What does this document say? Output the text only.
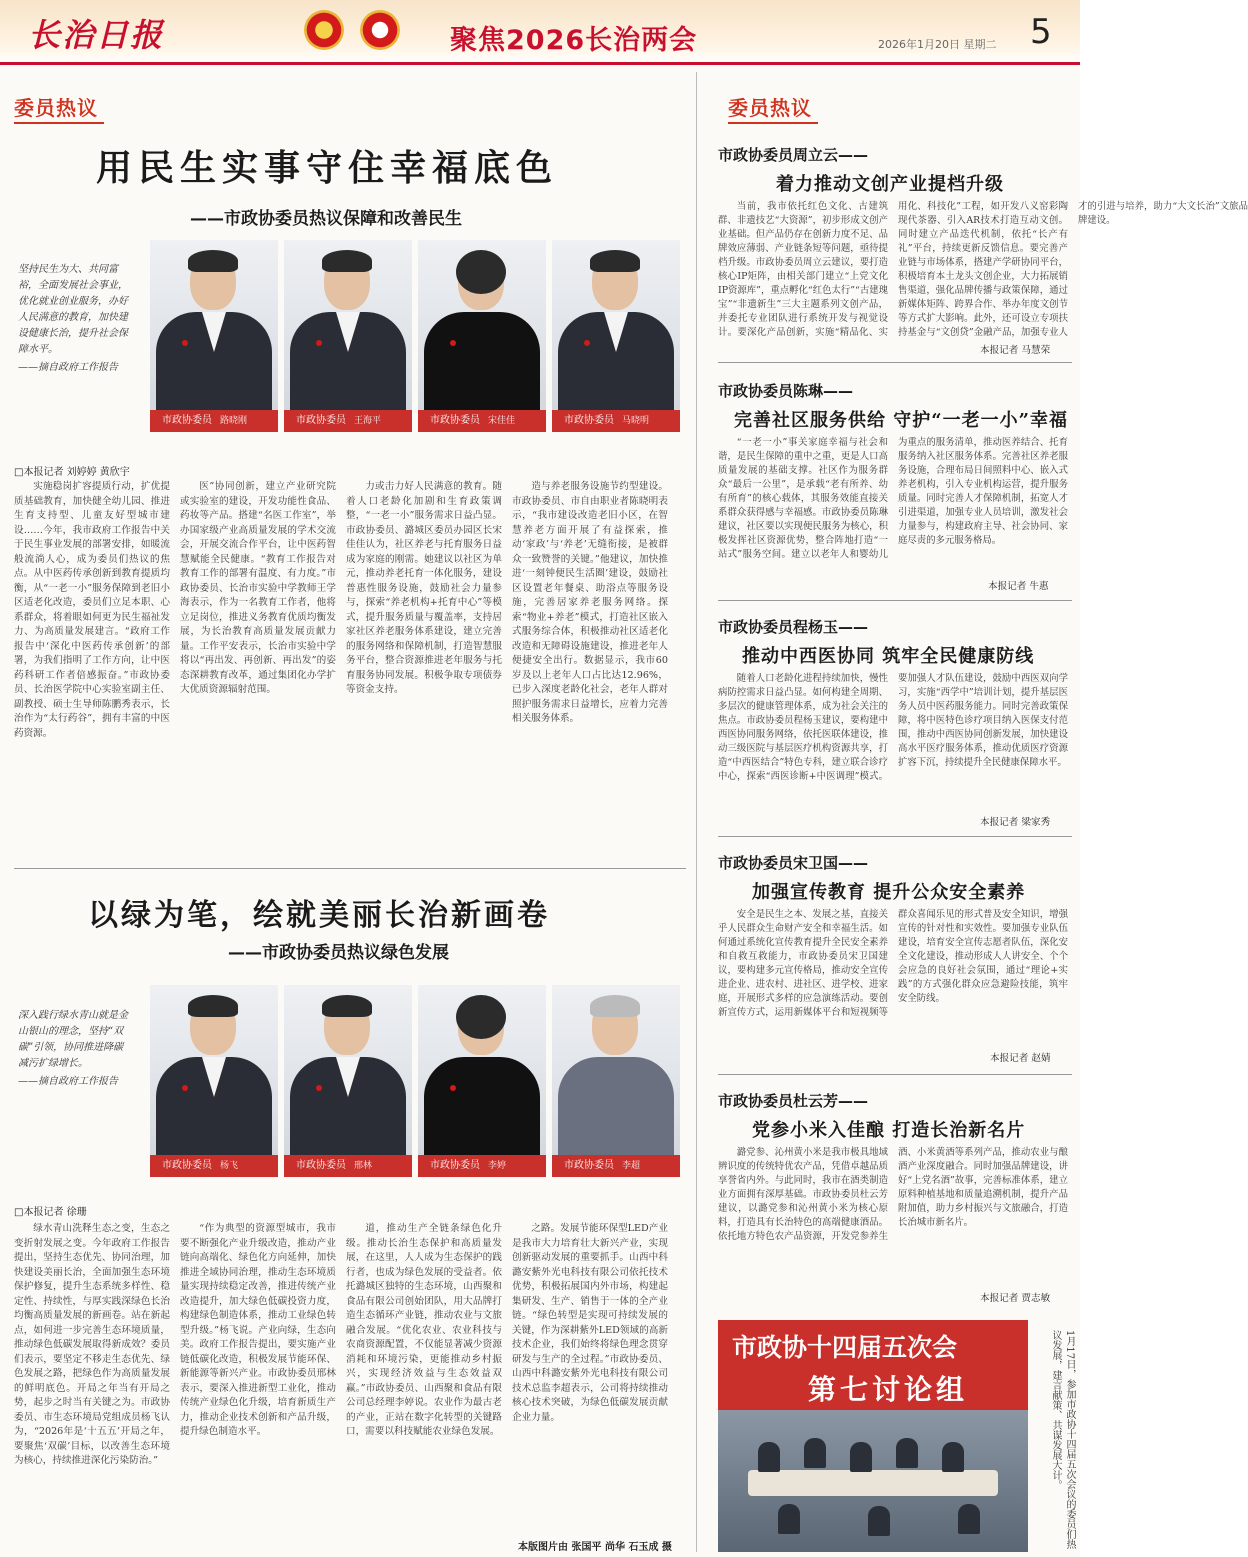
长治日报	聚焦2026长治两会	2026年1月20日 星期二 5
委员热议
用民生实事守住幸福底色
——市政协委员热议保障和改善民生
坚持民生为大、共同富裕，全面发展社会事业，优化就业创业服务，办好人民满意的教育，加快建设健康长治，提升社会保障水平。
——摘自政府工作报告
市政协委员 路晓刚	市政协委员 王海平	市政协委员 宋佳佳	市政协委员 马晓明
□本报记者 刘婷婷 黄欣宇

实施稳岗扩容提质行动，扩优提质基础教育，加快健全幼儿园、推进生育支持型、儿童友好型城市建设……今年，我市政府工作报告中关于民生事业发展的部署安排，如暖流般流淌人心，成为委员们热议的焦点。从中医药传承创新到教育提质均衡，从“一老一小”服务保障到老旧小区适老化改造，委员们立足本职、心系群众，将着眼如何更为民生福祉发力、为高质量发展建言。“政府工作报告中‘深化中医药传承创新’的部署，为我们指明了工作方向，让中医药科研工作者倍感振奋。”市政协委员、长治医学院中心实验室副主任、副教授、硕士生导师陈鹏秀表示，长治作为“太行药谷”，拥有丰富的中医药资源。

医”协同创新，建立产业研究院或实验室的建设，开发功能性食品、药妆等产品。搭建“名医工作室”，举办国家级产业高质量发展的学术交流会，开展交流合作平台，让中医药智慧赋能全民健康。“教育工作报告对教育工作的部署有温度、有力度。”市政协委员、长治市实验中学教师王学海表示，作为一名教育工作者，他将立足岗位，推进义务教育优质均衡发展，为长治教育高质量发展贡献力量。工作平安表示，长治市实验中学将以“再出发、再创新、再出发”的姿态深耕教育改革，通过集团化办学扩大优质资源辐射范围。

力或击力好人民满意的教育。随着人口老龄化加剧和生育政策调整，“一老一小”服务需求日益凸显。市政协委员、潞城区委员办园区长宋佳佳认为，社区养老与托育服务日益成为家庭的刚需。她建议以社区为单元，推动养老托育一体化服务，建设普惠性服务设施，鼓励社会力量参与，探索“养老机构+托育中心”等模式，提升服务质量与覆盖率，支持居家社区养老服务体系建设，建立完善的服务网络和保障机制，打造智慧服务平台，整合资源推进老年服务与托育服务协同发展。积极争取专项债券等资金支持。

造与养老服务设施节约型建设。市政协委员、市自由职业者陈晓明表示，“我市建设改造老旧小区，在智慧养老方面开展了有益探索，推动‘家政’与‘养老’无缝衔接，是被群众一致赞誉的关键。”他建议，加快推进‘一刻钟便民生活圈’建设，鼓励社区设置老年餐桌、助浴点等服务设施，完善居家养老服务网络。探索“物业+养老”模式，打造社区嵌入式服务综合体，积极推动社区适老化改造和无障碍设施建设，推进老年人便捷安全出行。数据显示，我市60岁及以上老年人口占比达12.96%，已步入深度老龄化社会，老年人群对照护服务需求日益增长，应着力完善相关服务体系。

以绿为笔，绘就美丽长治新画卷
——市政协委员热议绿色发展
深入践行绿水青山就是金山银山的理念，坚持“双碳”引领，协同推进降碳减污扩绿增长。
——摘自政府工作报告
市政协委员 杨飞	市政协委员 邢林	市政协委员 李婷	市政协委员 李超
□本报记者 徐珊

绿水青山洗释生态之变，生态之变折射发展之变。今年政府工作报告提出，坚持生态优先、协同治理，加快建设美丽长治，全面加强生态环境保护修复，提升生态系统多样性、稳定性、持续性，与厚实践深绿色长治均衡高质量发展的新画卷。站在新起点，如何进一步完善生态环境质量，推动绿色低碳发展取得新成效？委员们表示，要坚定不移走生态优先、绿色发展之路，把绿色作为高质量发展的鲜明底色。开局之年当有开局之势，起步之时当有关键之为。市政协委员、市生态环境局党组成员杨飞认为，“2026年是‘十五五’开局之年，要聚焦‘双碳’目标，以改善生态环境为核心，持续推进深化污染防治。”

“作为典型的资源型城市，我市要不断强化产业升级改造，推动产业链向高端化、绿色化方向延伸，加快推进全域协同治理，推动生态环境质量实现持续稳定改善，推进传统产业改造提升，加大绿色低碳投资力度，构建绿色制造体系，推动工业绿色转型升级。”杨飞说。产业向绿，生态向美。政府工作报告提出，要实施产业链低碳化改造，积极发展节能环保、新能源等新兴产业。市政协委员邢林表示，要深入推进新型工业化，推动传统产业绿色化升级，培育新质生产力，推动企业技术创新和产品升级，提升绿色制造水平。

道，推动生产全链条绿色化升级。推动长治生态保护和高质量发展，在这里，人人成为生态保护的践行者，也成为绿色发展的受益者。依托潞城区独特的生态环境，山西聚和食品有限公司创始团队，用大品牌打造生态循环产业链，推动农业与文旅融合发展。“优化农业、农业科技与农商资源配置，不仅能显著减少资源消耗和环境污染，更能推动乡村振兴，实现经济效益与生态效益双赢。”市政协委员、山西聚和食品有限公司总经理李婷说。农业作为最古老的产业，正站在数字化转型的关键路口，需要以科技赋能农业绿色发展。

之路。发展节能环保型LED产业是我市大力培育壮大新兴产业，实现创新驱动发展的重要抓手。山西中科潞安紫外光电科技有限公司依托技术优势，积极拓展国内外市场，构建起集研发、生产、销售于一体的全产业链。“绿色转型是实现可持续发展的关键，作为深耕紫外LED领域的高新技术企业，我们始终将绿色理念贯穿研发与生产的全过程。”市政协委员、山西中科潞安紫外光电科技有限公司技术总监李超表示，公司将持续推动核心技术突破，为绿色低碳发展贡献企业力量。

本版图片由 张国平 尚华 石玉成 摄
委员热议
市政协委员周立云——
着力推动文创产业提档升级

当前，我市依托红色文化、古建筑群、非遗技艺“大资源”，初步形成文创产业基础。但产品仍存在创新力度不足、品牌效应薄弱、产业链条短等问题，亟待提档升级。市政协委员周立云建议，要打造核心IP矩阵，由相关部门建立“上党文化IP资源库”，重点孵化“红色太行”“古建瑰宝”“非遗新生”三大主题系列文创产品，并委托专业团队进行系统开发与视觉设计。要深化产品创新，实施“精品化、实用化、科技化”工程，如开发八义窑彩陶现代茶器、引入AR技术打造互动文创。同时建立产品迭代机制，依托“长产有礼”平台，持续更新反馈信息。要完善产业链与市场体系，搭建产学研协同平台，积极培育本土龙头文创企业，大力拓展销售渠道，强化品牌传播与政策保障，通过新媒体矩阵、跨界合作、举办年度文创节等方式扩大影响。此外，还可设立专项扶持基金与“文创贷”金融产品，加强专业人才的引进与培养，助力“大文长治”文旅品牌建设。

本报记者 马慧荣
市政协委员陈琳——
完善社区服务供给 守护“一老一小”幸福

“一老一小”事关家庭幸福与社会和谐，是民生保障的重中之重，更是人口高质量发展的基础支撑。社区作为服务群众“最后一公里”，是承载“老有所养、幼有所育”的核心载体，其服务效能直接关系群众获得感与幸福感。市政协委员陈琳建议，社区要以实现便民服务为核心，积极发挥社区资源优势，整合阵地打造“一站式”服务空间。建立以老年人和婴幼儿为重点的服务清单，推动医养结合、托育服务纳入社区服务体系。完善社区养老服务设施，合理布局日间照料中心、嵌入式养老机构，引入专业机构运营，提升服务质量。同时完善人才保障机制，拓宽人才引进渠道，加强专业人员培训，激发社会力量参与，构建政府主导、社会协同、家庭尽责的多元服务格局。

本报记者 牛惠
市政协委员程杨玉——
推动中西医协同 筑牢全民健康防线

随着人口老龄化进程持续加快，慢性病防控需求日益凸显。如何构建全周期、多层次的健康管理体系，成为社会关注的焦点。市政协委员程杨玉建议，要构建中西医协同服务网络，依托医联体建设，推动三级医院与基层医疗机构资源共享，打造“中西医结合”特色专科，建立联合诊疗中心，探索“西医诊断+中医调理”模式。要加强人才队伍建设，鼓励中西医双向学习，实施“西学中”培训计划，提升基层医务人员中医药服务能力。同时完善政策保障，将中医特色诊疗项目纳入医保支付范围，推动中西医协同创新发展，加快建设高水平医疗服务体系，推动优质医疗资源扩容下沉，持续提升全民健康保障水平。

本报记者 梁家秀
市政协委员宋卫国——
加强宣传教育 提升公众安全素养

安全是民生之本、发展之基，直接关乎人民群众生命财产安全和幸福生活。如何通过系统化宣传教育提升全民安全素养和自救互救能力，市政协委员宋卫国建议，要构建多元宣传格局，推动安全宣传进企业、进农村、进社区、进学校、进家庭，开展形式多样的应急演练活动。要创新宣传方式，运用新媒体平台和短视频等群众喜闻乐见的形式普及安全知识，增强宣传的针对性和实效性。要加强专业队伍建设，培育安全宣传志愿者队伍，深化安全文化建设，推动形成人人讲安全、个个会应急的良好社会氛围，通过“理论+实践”的方式强化群众应急避险技能，筑牢安全防线。

本报记者 赵婧
市政协委员杜云芳——
党参小米入佳酿 打造长治新名片

潞党参、沁州黄小米是我市极具地域辨识度的传统特优农产品，凭借卓越品质享誉省内外。与此同时，我市在酒类制造业方面拥有深厚基础。市政协委员杜云芳建议，以潞党参和沁州黄小米为核心原料，打造具有长治特色的高端健康酒品。依托地方特色农产品资源，开发党参养生酒、小米黄酒等系列产品，推动农业与酿酒产业深度融合。同时加强品牌建设，讲好“上党名酒”故事，完善标准体系，建立原料种植基地和质量追溯机制，提升产品附加值，助力乡村振兴与文旅融合，打造长治城市新名片。

本报记者 贾志敏
市政协十四届五次会
第七讨论组	1月17日，参加市政协十四届五次会议的委员们热议发展，建言献策、共谋发展大计。
